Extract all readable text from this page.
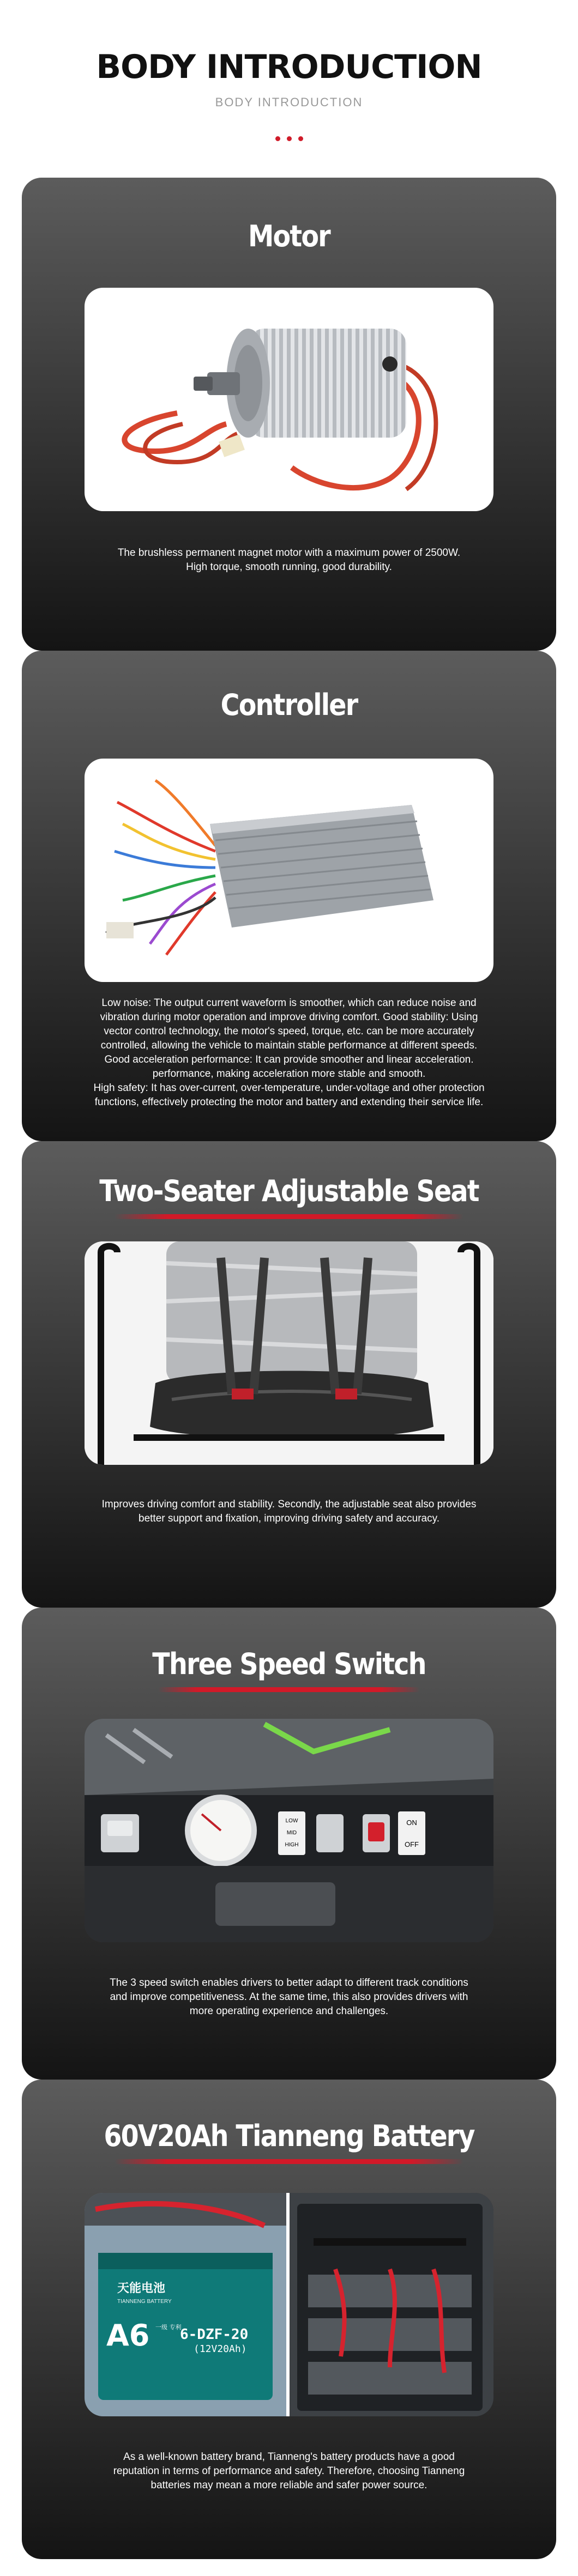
BODY INTRODUCTION
BODY INTRODUCTION
Motor

The brushless permanent magnet motor with a maximum power of 2500W.

High torque, smooth running, good durability.

Controller

Low noise: The output current waveform is smoother, which can reduce noise and

vibration during motor operation and improve driving comfort. Good stability: Using

vector control technology, the motor's speed, torque, etc. can be more accurately

controlled, allowing the vehicle to maintain stable performance at different speeds.

Good acceleration performance: It can provide smoother and linear acceleration.

performance, making acceleration more stable and smooth.

High safety: It has over-current, over-temperature, under-voltage and other protection

functions, effectively protecting the motor and battery and extending their service life.

Two-Seater Adjustable Seat

Improves driving comfort and stability. Secondly, the adjustable seat also provides

better support and fixation, improving driving safety and accuracy.

Three Speed Switch
LOW
MID
HIGH
ON
OFF

The 3 speed switch enables drivers to better adapt to different track conditions

and improve competitiveness. At the same time, this also provides drivers with

more operating experience and challenges.

60V20Ah Tianneng Battery
天能电池
TIANNENG BATTERY
A6 一级 专利
6-DZF-20
(12V20Ah)

As a well-known battery brand, Tianneng's battery products have a good

reputation in terms of performance and safety. Therefore, choosing Tianneng

batteries may mean a more reliable and safer power source.
